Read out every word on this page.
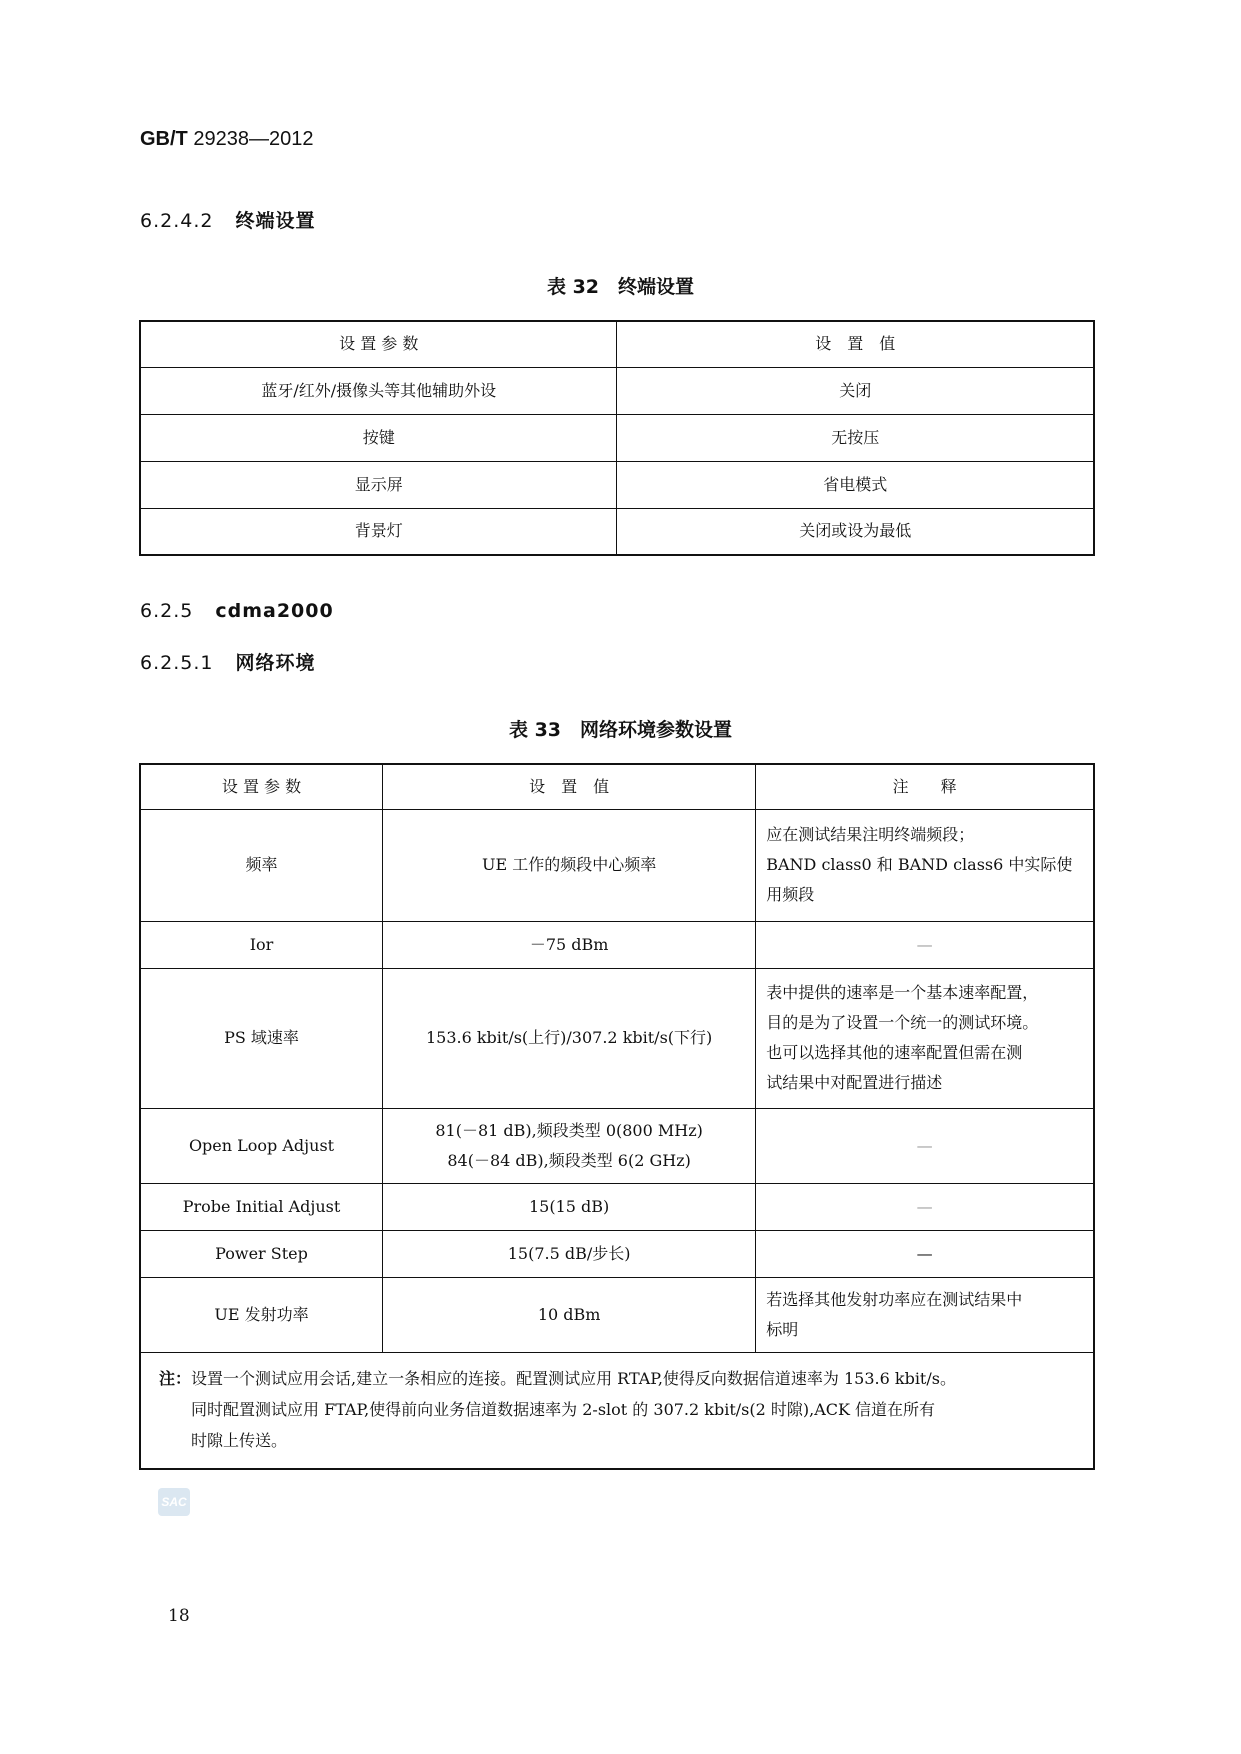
GB/T 29238—2012
6.2.4.2 终端设置
表 32　终端设置
设 置 参 数	设　置　值
蓝牙/红外/摄像头等其他辅助外设	关闭
按键	无按压
显示屏	省电模式
背景灯	关闭或设为最低
6.2.5 cdma2000
6.2.5.1 网络环境
表 33　网络环境参数设置
设 置 参 数	设　置　值	注　　释
频率	UE 工作的频段中心频率	应在测试结果注明终端频段；
BAND class0 和 BAND class6 中实际使
用频段

Ior	－75 dBm	—
PS 域速率	153.6 kbit/s(上行)/307.2 kbit/s(下行)	表中提供的速率是一个基本速率配置，
目的是为了设置一个统一的测试环境。
也可以选择其他的速率配置但需在测
试结果中对配置进行描述

Open Loop Adjust	81(－81 dB),频段类型 0(800 MHz)
84(－84 dB),频段类型 6(2 GHz)	—
Probe Initial Adjust	15(15 dB)	—
Power Step	15(7.5 dB/步长)	—
UE 发射功率	10 dBm	若选择其他发射功率应在测试结果中
标明

注： 设置一个测试应用会话,建立一条相应的连接。配置测试应用 RTAP,使得反向数据信道速率为 153.6 kbit/s。
同时配置测试应用 FTAP,使得前向业务信道数据速率为 2-slot 的 307.2 kbit/s(2 时隙),ACK 信道在所有
时隙上传送。		
SAC
18
